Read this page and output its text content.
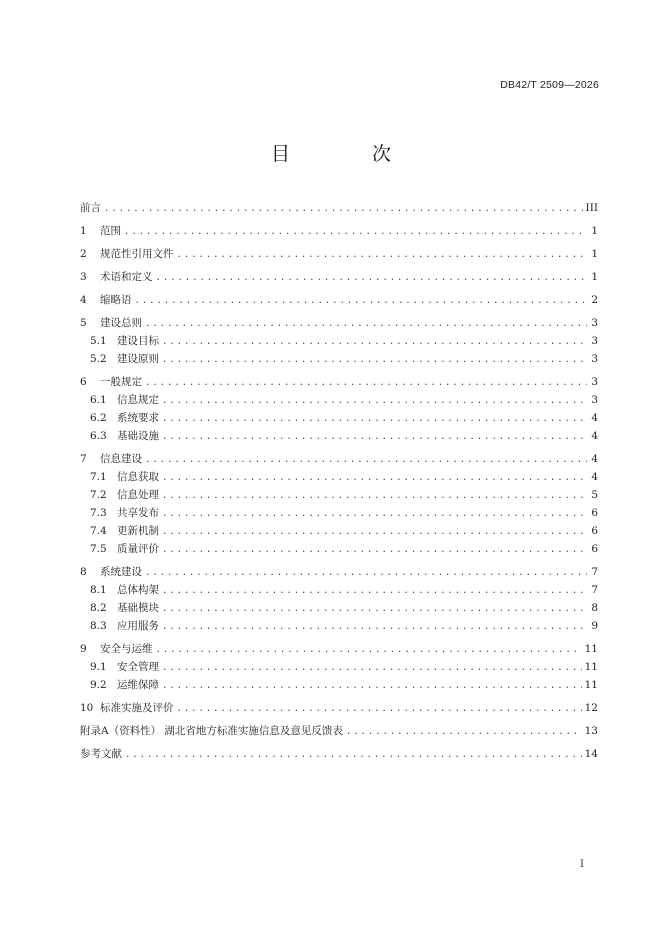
DB42/T 2509—2026
目 次
前言 .....	III
1	范围 .....	1
2	规范性引用文件 .....	1
3	术语和定义 .....	1
4	缩略语 .....	2
5	建设总则 .....	3
5.1 建设目标 .....	3
5.2 建设原则 .....	3
6	一般规定 .....	3
6.1 信息规定 .....	3
6.2 系统要求 .....	4
6.3 基础设施 .....	4
7	信息建设 .....	4
7.1 信息获取 .....	4
7.2 信息处理 .....	5
7.3 共享发布 .....	6
7.4 更新机制 .....	6
7.5 质量评价 .....	6
8	系统建设 .....	7
8.1 总体构架 .....	7
8.2 基础模块 .....	8
8.3 应用服务 .....	9
9	安全与运维 .....	11
9.1 安全管理 .....	11
9.2 运维保障 .....	11
10 标准实施及评价 .....	12
附录A（资料性） 湖北省地方标准实施信息及意见反馈表 .....	13
参考文献 .....	14
I
